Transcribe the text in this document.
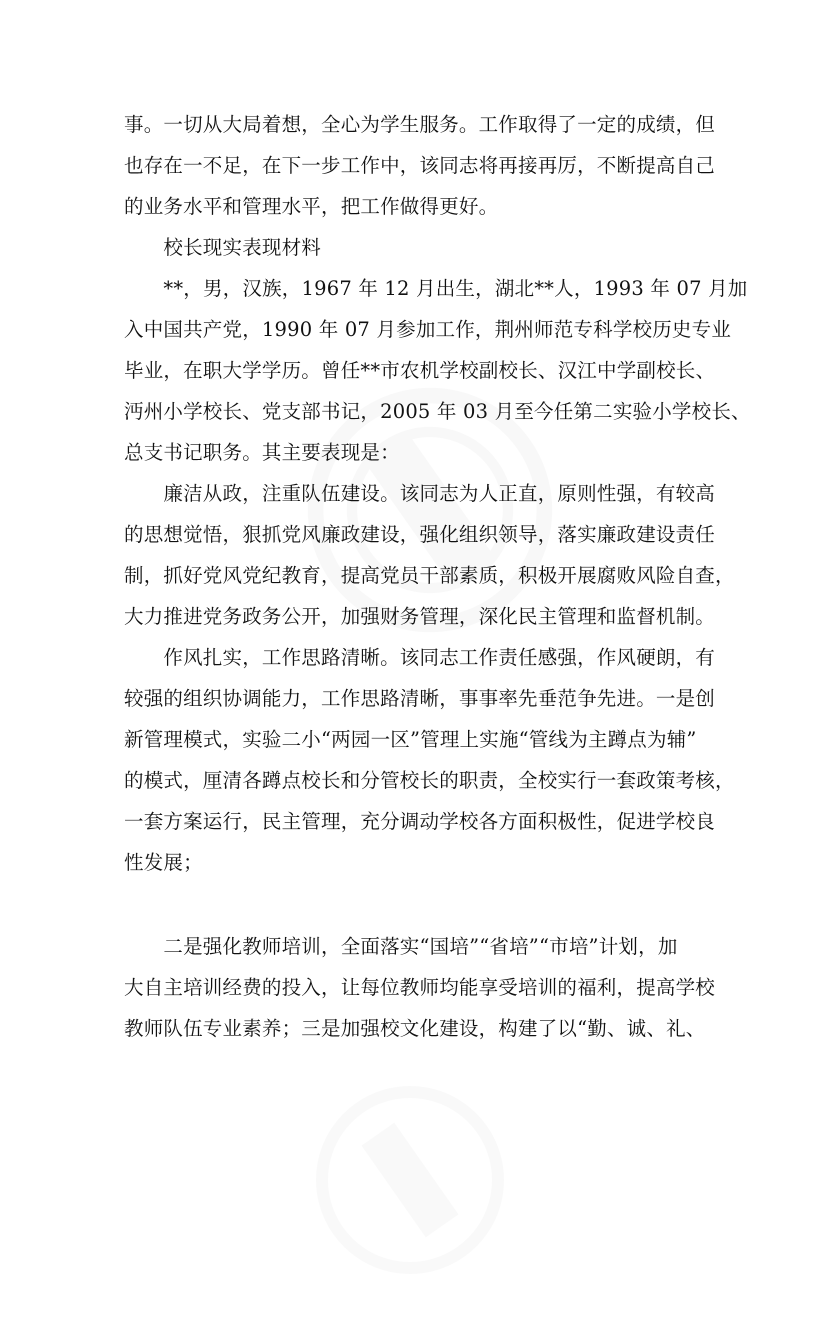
事。一切从大局着想，全心为学生服务。工作取得了一定的成绩，但
也存在一不足，在下一步工作中，该同志将再接再厉，不断提高自己
的业务水平和管理水平，把工作做得更好。
　　校长现实表现材料
　　**，男，汉族，1967 年 12 月出生，湖北**人，1993 年 07 月加
入中国共产党，1990 年 07 月参加工作，荆州师范专科学校历史专业
毕业，在职大学学历。曾任**市农机学校副校长、汉江中学副校长、
沔州小学校长、党支部书记，2005 年 03 月至今任第二实验小学校长、
总支书记职务。其主要表现是：
　　廉洁从政，注重队伍建设。该同志为人正直，原则性强，有较高
的思想觉悟，狠抓党风廉政建设，强化组织领导，落实廉政建设责任
制，抓好党风党纪教育，提高党员干部素质，积极开展腐败风险自查，
大力推进党务政务公开，加强财务管理，深化民主管理和监督机制。
　　作风扎实，工作思路清晰。该同志工作责任感强，作风硬朗，有
较强的组织协调能力，工作思路清晰，事事率先垂范争先进。一是创
新管理模式，实验二小“两园一区”管理上实施“管线为主蹲点为辅”
的模式，厘清各蹲点校长和分管校长的职责，全校实行一套政策考核，
一套方案运行，民主管理，充分调动学校各方面积极性，促进学校良
性发展；
　　二是强化教师培训，全面落实“国培”“省培”“市培”计划，加
大自主培训经费的投入，让每位教师均能享受培训的福利，提高学校
教师队伍专业素养；三是加强校文化建设，构建了以“勤、诚、礼、
